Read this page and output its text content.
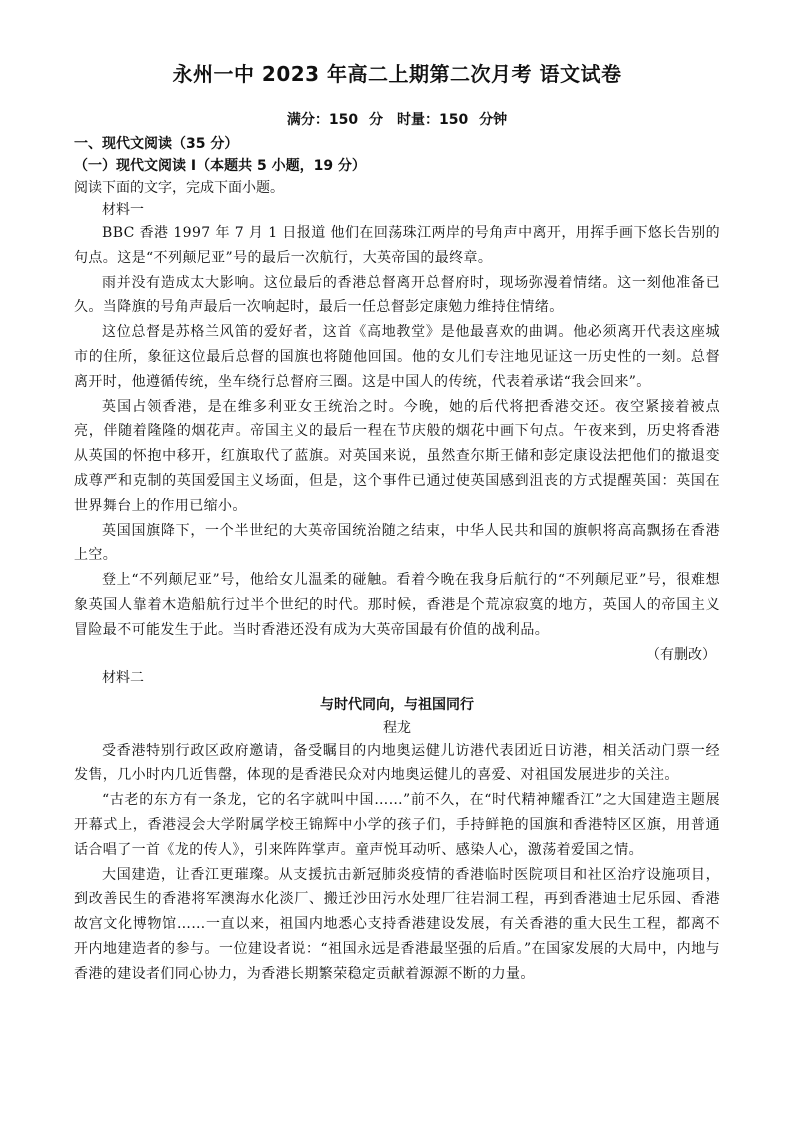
永州一中 2023 年高二上期第二次月考 语文试卷

满分：150 分　时量：150 分钟

一、现代文阅读（35 分）

（一）现代文阅读 I（本题共 5 小题，19 分）

阅读下面的文字，完成下面小题。

材料一

BBC 香港 1997 年 7 月 1 日报道 他们在回荡珠江两岸的号角声中离开，用挥手画下悠长告别的句点。这是“不列颠尼亚”号的最后一次航行，大英帝国的最终章。

雨并没有造成太大影响。这位最后的香港总督离开总督府时，现场弥漫着情绪。这一刻他准备已久。当降旗的号角声最后一次响起时，最后一任总督彭定康勉力维持住情绪。

这位总督是苏格兰风笛的爱好者，这首《高地教堂》是他最喜欢的曲调。他必须离开代表这座城市的住所，象征这位最后总督的国旗也将随他回国。他的女儿们专注地见证这一历史性的一刻。总督离开时，他遵循传统，坐车绕行总督府三圈。这是中国人的传统，代表着承诺“我会回来”。

英国占领香港，是在维多利亚女王统治之时。今晚，她的后代将把香港交还。夜空紧接着被点亮，伴随着隆隆的烟花声。帝国主义的最后一程在节庆般的烟花中画下句点。午夜来到，历史将香港从英国的怀抱中移开，红旗取代了蓝旗。对英国来说，虽然查尔斯王储和彭定康设法把他们的撤退变成尊严和克制的英国爱国主义场面，但是，这个事件已通过使英国感到沮丧的方式提醒英国：英国在世界舞台上的作用已缩小。

英国国旗降下，一个半世纪的大英帝国统治随之结束，中华人民共和国的旗帜将高高飘扬在香港上空。

登上“不列颠尼亚”号，他给女儿温柔的碰触。看着今晚在我身后航行的“不列颠尼亚”号，很难想象英国人靠着木造船航行过半个世纪的时代。那时候，香港是个荒凉寂寞的地方，英国人的帝国主义冒险最不可能发生于此。当时香港还没有成为大英帝国最有价值的战利品。

（有删改）

材料二

与时代同向，与祖国同行

程龙

受香港特别行政区政府邀请，备受瞩目的内地奥运健儿访港代表团近日访港，相关活动门票一经发售，几小时内几近售罄，体现的是香港民众对内地奥运健儿的喜爱、对祖国发展进步的关注。

“古老的东方有一条龙，它的名字就叫中国……”前不久，在“时代精神耀香江”之大国建造主题展开幕式上，香港浸会大学附属学校王锦辉中小学的孩子们，手持鲜艳的国旗和香港特区区旗，用普通话合唱了一首《龙的传人》，引来阵阵掌声。童声悦耳动听、感染人心，激荡着爱国之情。

大国建造，让香江更璀璨。从支援抗击新冠肺炎疫情的香港临时医院项目和社区治疗设施项目，到改善民生的香港将军澳海水化淡厂、搬迁沙田污水处理厂往岩洞工程，再到香港迪士尼乐园、香港故宫文化博物馆……一直以来，祖国内地悉心支持香港建设发展，有关香港的重大民生工程，都离不开内地建造者的参与。一位建设者说：“祖国永远是香港最坚强的后盾。”在国家发展的大局中，内地与香港的建设者们同心协力，为香港长期繁荣稳定贡献着源源不断的力量。
